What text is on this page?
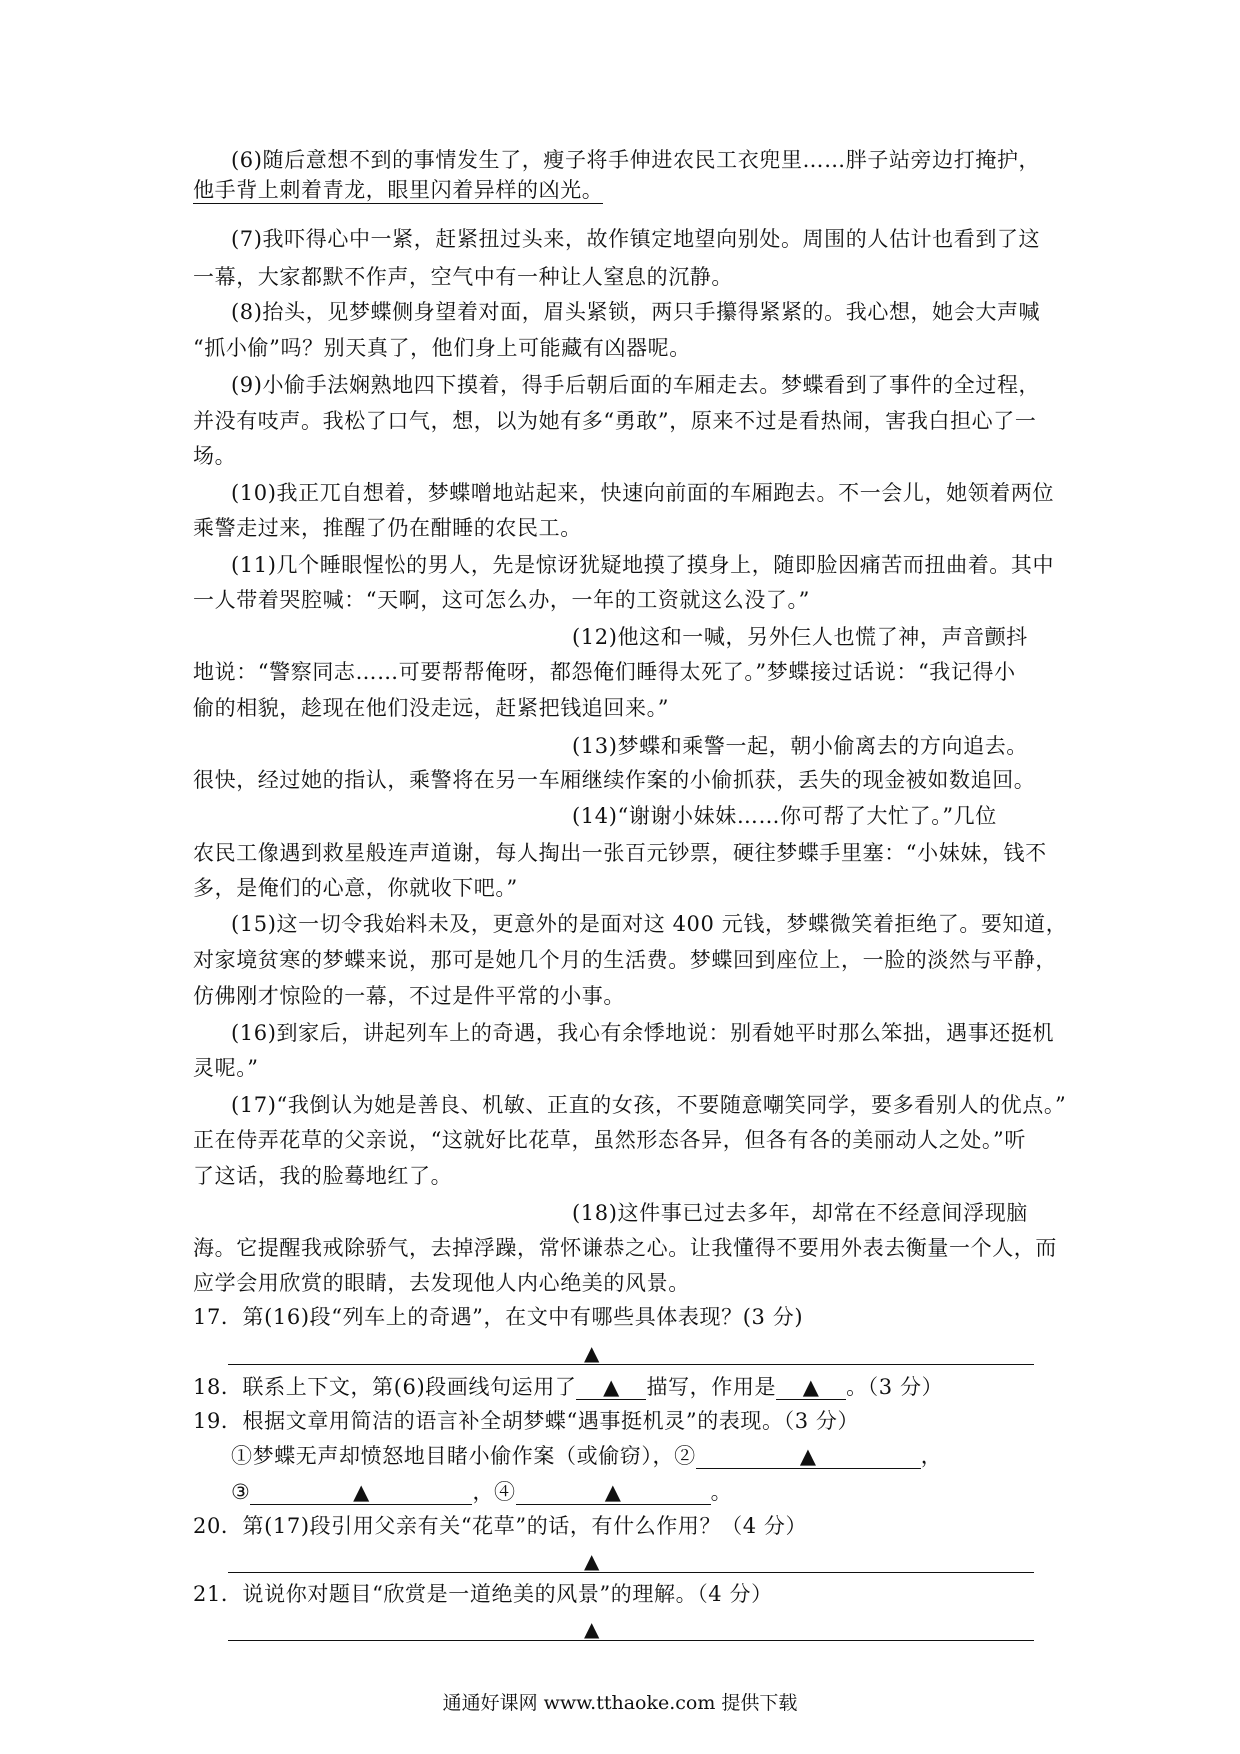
(6)随后意想不到的事情发生了，瘦子将手伸进农民工衣兜里……胖子站旁边打掩护，
他手背上刺着青龙，眼里闪着异样的凶光。
(7)我吓得心中一紧，赶紧扭过头来，故作镇定地望向别处。周围的人估计也看到了这
一幕，大家都默不作声，空气中有一种让人窒息的沉静。
(8)抬头，见梦蝶侧身望着对面，眉头紧锁，两只手攥得紧紧的。我心想，她会大声喊
“抓小偷”吗？别天真了，他们身上可能藏有凶器呢。
(9)小偷手法娴熟地四下摸着，得手后朝后面的车厢走去。梦蝶看到了事件的全过程，
并没有吱声。我松了口气，想，以为她有多“勇敢”，原来不过是看热闹，害我白担心了一
场。
(10)我正兀自想着，梦蝶噌地站起来，快速向前面的车厢跑去。不一会儿，她领着两位
乘警走过来，推醒了仍在酣睡的农民工。
(11)几个睡眼惺忪的男人，先是惊讶犹疑地摸了摸身上，随即脸因痛苦而扭曲着。其中
一人带着哭腔喊：“天啊，这可怎么办，一年的工资就这么没了。”
(12)他这和一喊，另外仨人也慌了神，声音颤抖
地说：“警察同志……可要帮帮俺呀，都怨俺们睡得太死了。”梦蝶接过话说：“我记得小
偷的相貌，趁现在他们没走远，赶紧把钱追回来。”
(13)梦蝶和乘警一起，朝小偷离去的方向追去。
很快，经过她的指认，乘警将在另一车厢继续作案的小偷抓获，丢失的现金被如数追回。
(14)“谢谢小妹妹……你可帮了大忙了。”几位
农民工像遇到救星般连声道谢，每人掏出一张百元钞票，硬往梦蝶手里塞：“小妹妹，钱不
多，是俺们的心意，你就收下吧。”
(15)这一切令我始料未及，更意外的是面对这 400 元钱，梦蝶微笑着拒绝了。要知道，
对家境贫寒的梦蝶来说，那可是她几个月的生活费。梦蝶回到座位上，一脸的淡然与平静，
仿佛刚才惊险的一幕，不过是件平常的小事。
(16)到家后，讲起列车上的奇遇，我心有余悸地说：别看她平时那么笨拙，遇事还挺机
灵呢。”
(17)“我倒认为她是善良、机敏、正直的女孩，不要随意嘲笑同学，要多看别人的优点。”
正在侍弄花草的父亲说，“这就好比花草，虽然形态各异，但各有各的美丽动人之处。”听
了这话，我的脸蓦地红了。
(18)这件事已过去多年，却常在不经意间浮现脑
海。它提醒我戒除骄气，去掉浮躁，常怀谦恭之心。让我懂得不要用外表去衡量一个人，而
应学会用欣赏的眼睛，去发现他人内心绝美的风景。
17．第(16)段“列车上的奇遇”，在文中有哪些具体表现？(3 分)
▲
18．联系上下文，第(6)段画线句运用了 ▲ 描写，作用是 ▲ 。（3 分）
19．根据文章用简洁的语言补全胡梦蝶“遇事挺机灵”的表现。（3 分）
①梦蝶无声却愤怒地目睹小偷作案（或偷窃），②	▲	，
③	▲	，④	▲	。
20．第(17)段引用父亲有关“花草”的话，有什么作用？（4 分）
▲
21．说说你对题目“欣赏是一道绝美的风景”的理解。（4 分）
▲
通通好课网 www.tthaoke.com 提供下载
